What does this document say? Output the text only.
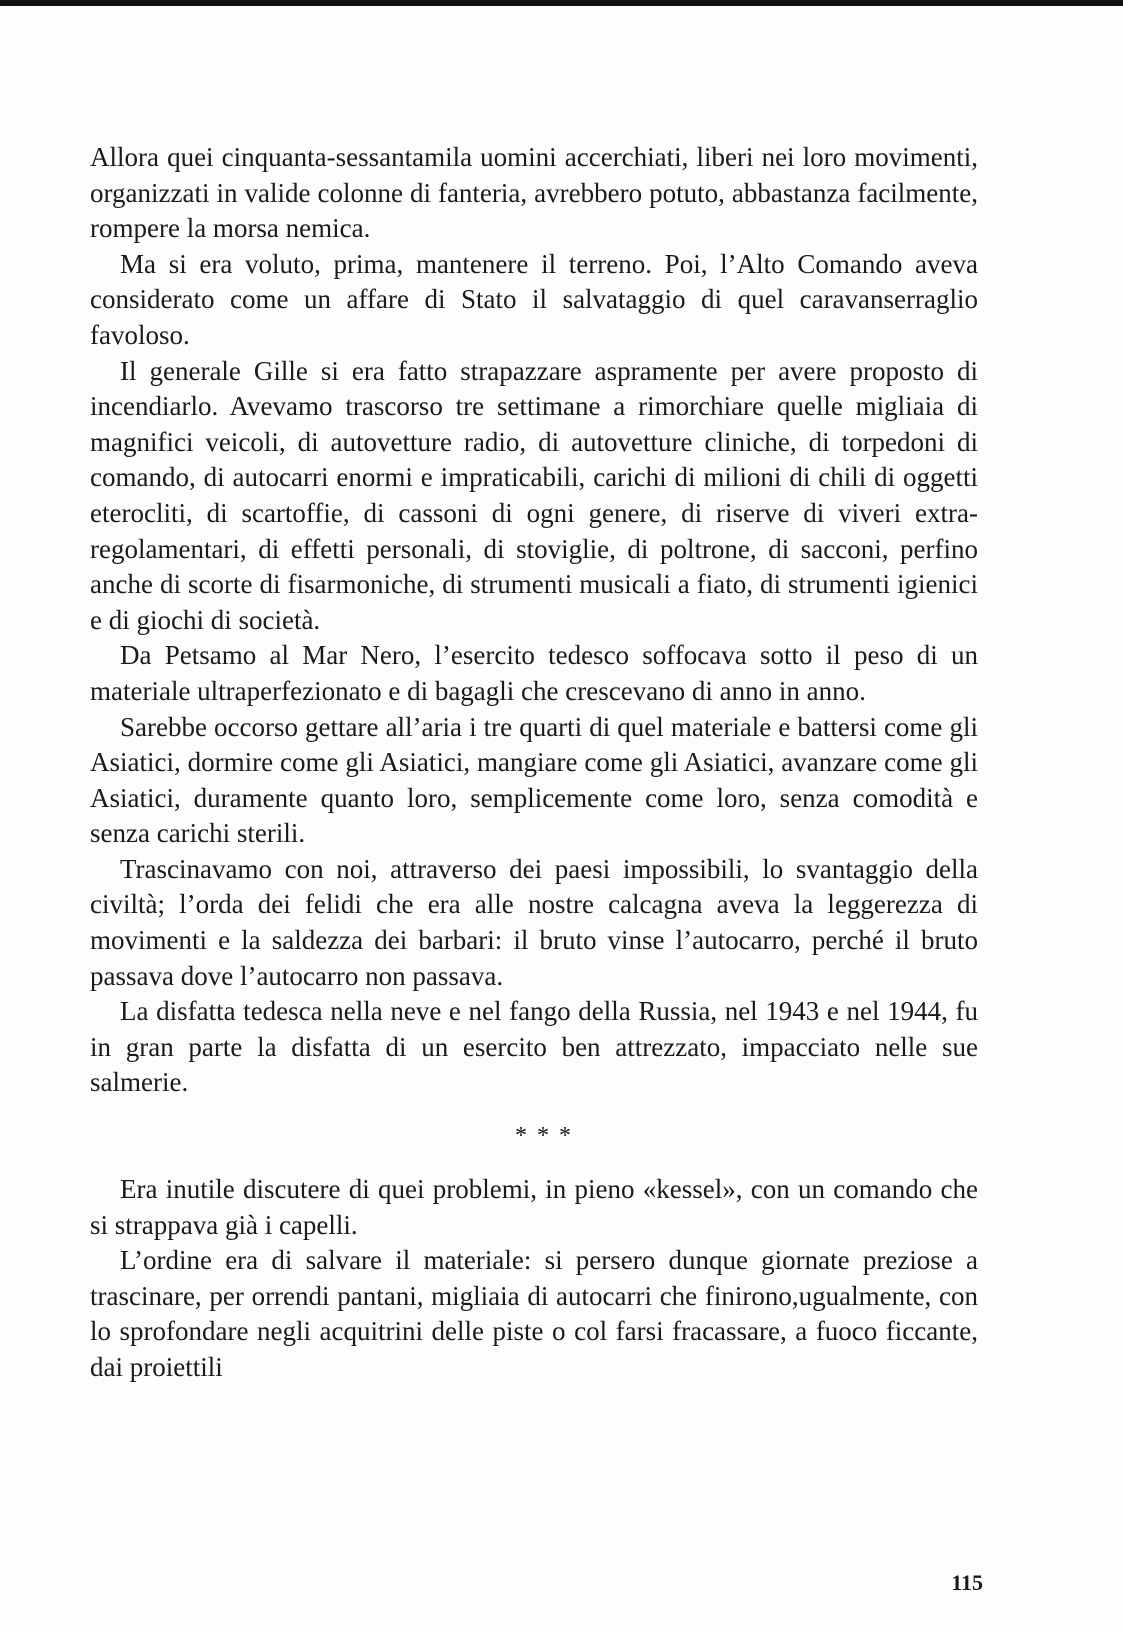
Allora quei cinquanta-sessantamila uomini accerchiati, liberi nei loro movimenti, organizzati in valide colonne di fanteria, avrebbero potuto, abbastanza facilmente, rompere la morsa nemica.

Ma si era voluto, prima, mantenere il terreno. Poi, l’Alto Comando aveva considerato come un affare di Stato il salvataggio di quel caravanserraglio favoloso.

Il generale Gille si era fatto strapazzare aspramente per avere proposto di incendiarlo. Avevamo trascorso tre settimane a rimorchiare quelle migliaia di magnifici veicoli, di autovetture radio, di autovetture cliniche, di torpedoni di comando, di autocarri enormi e impraticabili, carichi di milioni di chili di oggetti eterocliti, di scartoffie, di cassoni di ogni genere, di riserve di viveri extra-regolamentari, di effetti personali, di stoviglie, di poltrone, di sacconi, perfino anche di scorte di fisarmoniche, di strumenti musicali a fiato, di strumenti igienici e di giochi di società.

Da Petsamo al Mar Nero, l’esercito tedesco soffocava sotto il peso di un materiale ultraperfezionato e di bagagli che crescevano di anno in anno.

Sarebbe occorso gettare all’aria i tre quarti di quel materiale e battersi come gli Asiatici, dormire come gli Asiatici, mangiare come gli Asiatici, avanzare come gli Asiatici, duramente quanto loro, semplicemente come loro, senza comodità e senza carichi sterili.

Trascinavamo con noi, attraverso dei paesi impossibili, lo svantaggio della civiltà; l’orda dei felidi che era alle nostre calcagna aveva la leggerezza di movimenti e la saldezza dei barbari: il bruto vinse l’autocarro, perché il bruto passava dove l’autocarro non passava.

La disfatta tedesca nella neve e nel fango della Russia, nel 1943 e nel 1944, fu in gran parte la disfatta di un esercito ben attrezzato, impacciato nelle sue salmerie.

* * *

Era inutile discutere di quei problemi, in pieno «kessel», con un comando che si strappava già i capelli.

L’ordine era di salvare il materiale: si persero dunque giornate preziose a trascinare, per orrendi pantani, migliaia di autocarri che finirono,ugualmente, con lo sprofondare negli acquitrini delle piste o col farsi fracassare, a fuoco ficcante, dai proiettili

115
